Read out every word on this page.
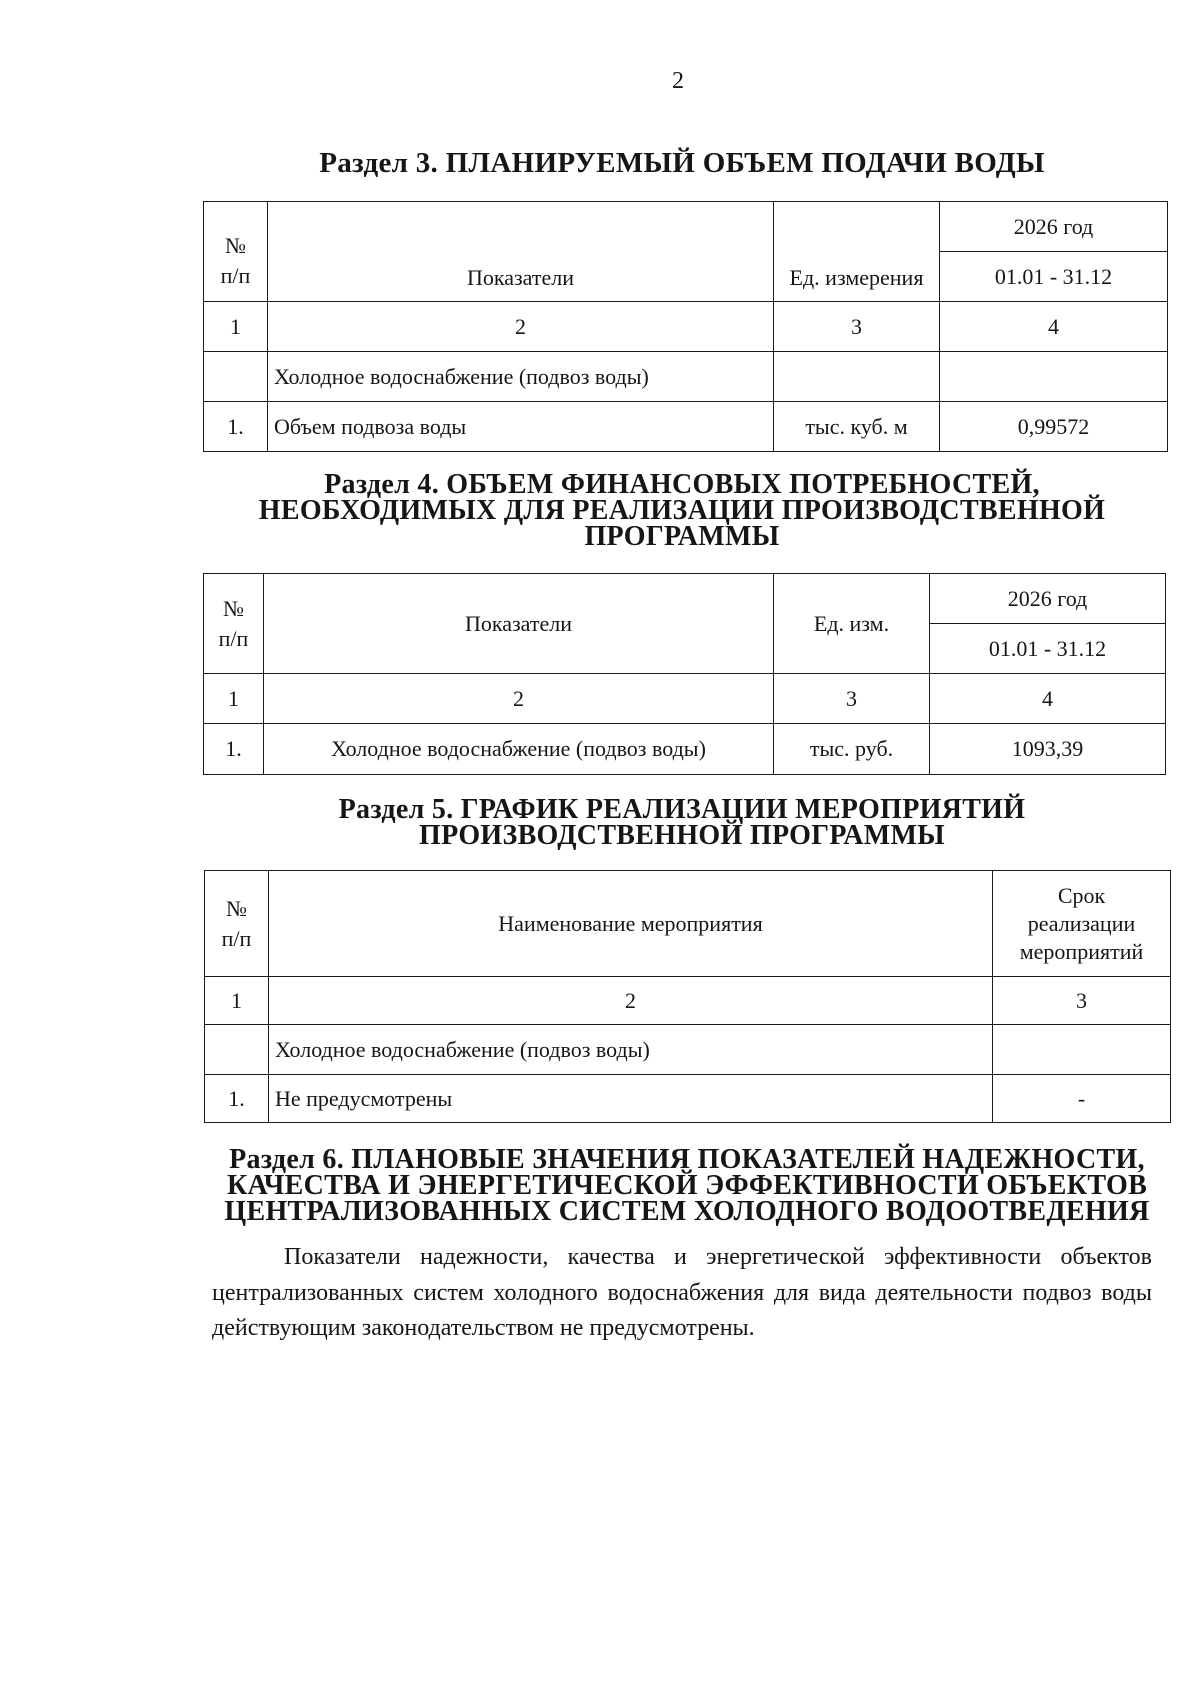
2
Раздел 3. ПЛАНИРУЕМЫЙ ОБЪЕМ ПОДАЧИ ВОДЫ
№
п/п	Показатели	Ед. измерения	2026 год
			01.01 - 31.12
1	2	3	4
	Холодное водоснабжение (подвоз воды)		
1.	Объем подвоза воды	тыс. куб. м	0,99572
Раздел 4. ОБЪЕМ ФИНАНСОВЫХ ПОТРЕБНОСТЕЙ,
НЕОБХОДИМЫХ ДЛЯ РЕАЛИЗАЦИИ ПРОИЗВОДСТВЕННОЙ
ПРОГРАММЫ
№
п/п	Показатели	Ед. изм.	2026 год
			01.01 - 31.12
1	2	3	4
1.	Холодное водоснабжение (подвоз воды)	тыс. руб.	1093,39
Раздел 5. ГРАФИК РЕАЛИЗАЦИИ МЕРОПРИЯТИЙ
ПРОИЗВОДСТВЕННОЙ ПРОГРАММЫ
№
п/п	Наименование мероприятия	Срок
реализации
мероприятий
1	2	3
	Холодное водоснабжение (подвоз воды)	
1.	Не предусмотрены	-
Раздел 6. ПЛАНОВЫЕ ЗНАЧЕНИЯ ПОКАЗАТЕЛЕЙ НАДЕЖНОСТИ,
КАЧЕСТВА И ЭНЕРГЕТИЧЕСКОЙ ЭФФЕКТИВНОСТИ ОБЪЕКТОВ
ЦЕНТРАЛИЗОВАННЫХ СИСТЕМ ХОЛОДНОГО ВОДООТВЕДЕНИЯ
Показатели надежности, качества и энергетической эффективности объектов централизованных систем холодного водоснабжения для вида деятельности подвоз воды действующим законодательством не предусмотрены.
